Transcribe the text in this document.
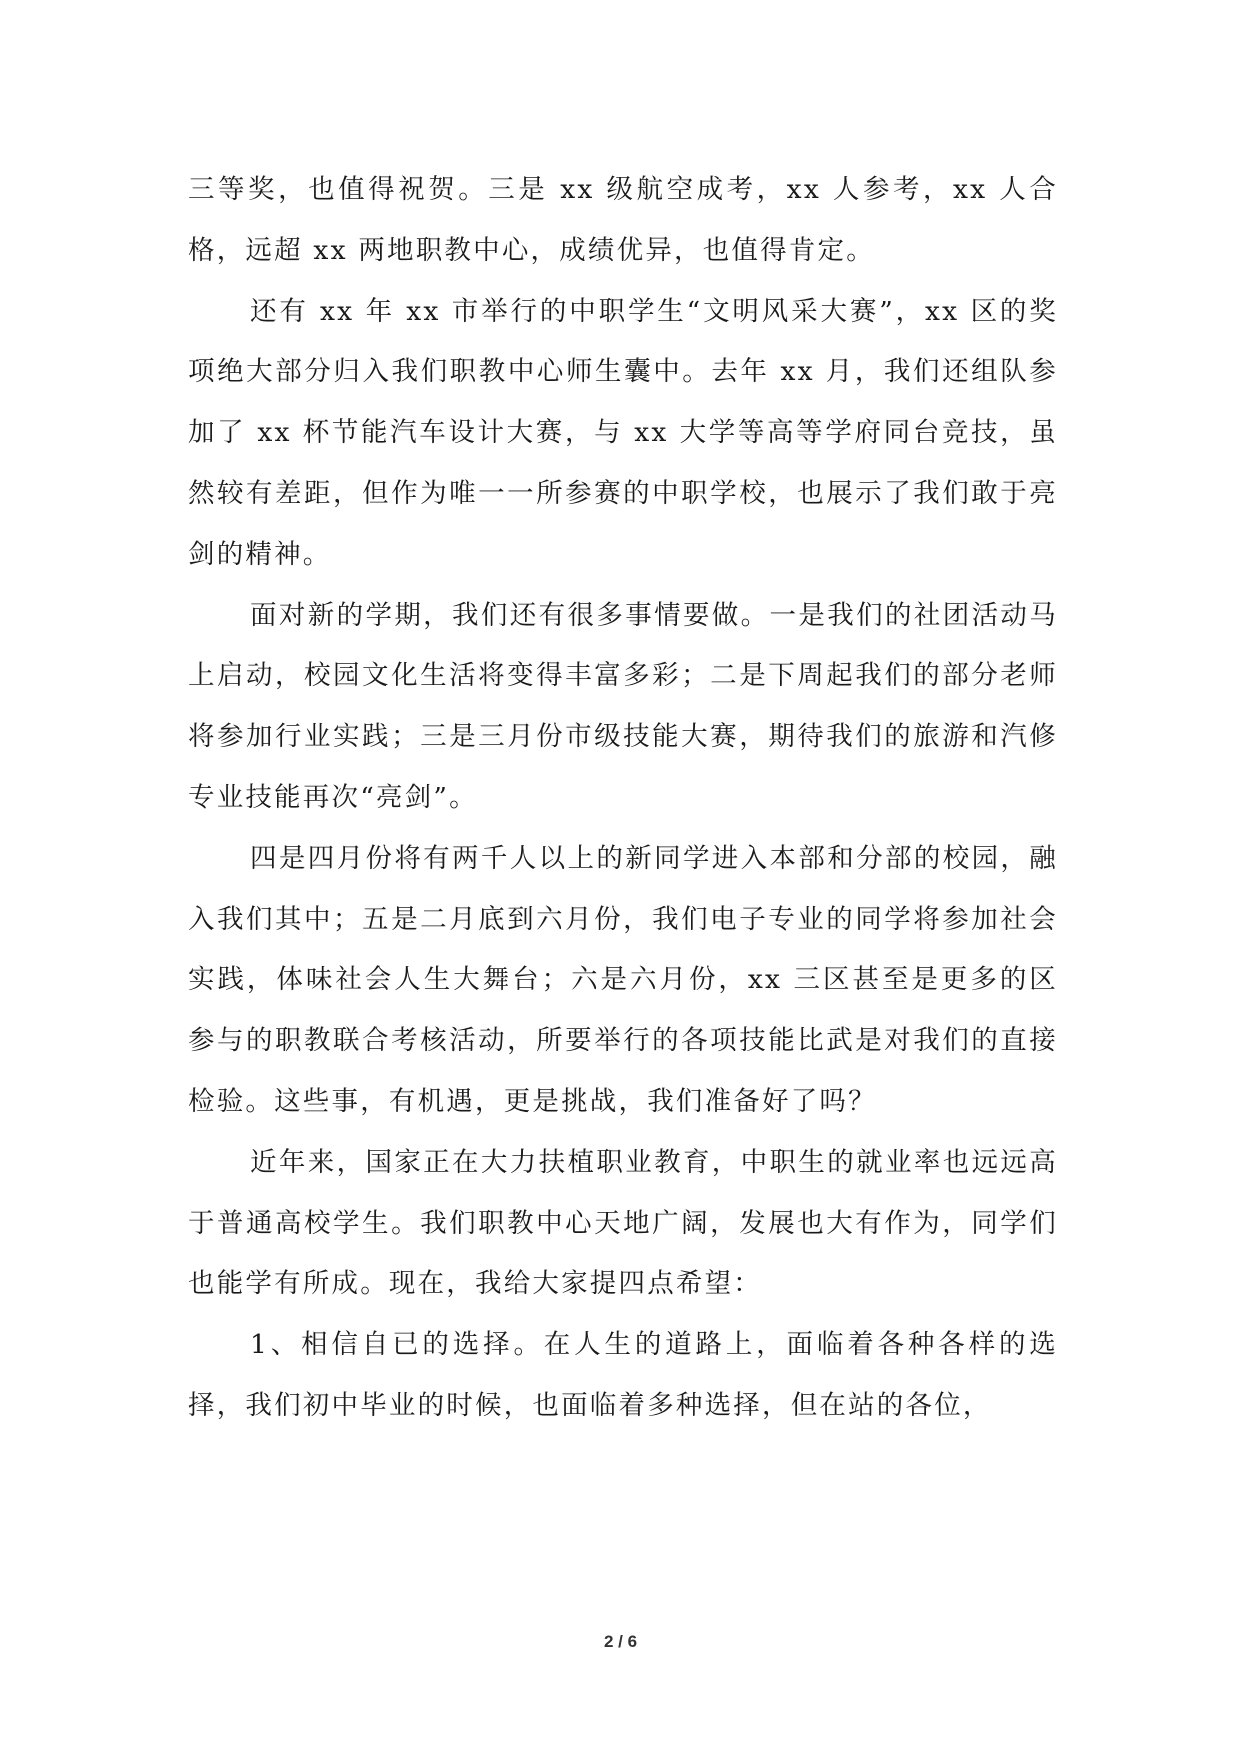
三等奖，也值得祝贺。三是 xx 级航空成考，xx 人参考，xx 人合格，远超 xx 两地职教中心，成绩优异，也值得肯定。

还有 xx 年 xx 市举行的中职学生“文明风采大赛”，xx 区的奖项绝大部分归入我们职教中心师生囊中。去年 xx 月，我们还组队参加了 xx 杯节能汽车设计大赛，与 xx 大学等高等学府同台竞技，虽然较有差距，但作为唯一一所参赛的中职学校，也展示了我们敢于亮剑的精神。

面对新的学期，我们还有很多事情要做。一是我们的社团活动马上启动，校园文化生活将变得丰富多彩；二是下周起我们的部分老师将参加行业实践；三是三月份市级技能大赛，期待我们的旅游和汽修专业技能再次“亮剑”。

四是四月份将有两千人以上的新同学进入本部和分部的校园，融入我们其中；五是二月底到六月份，我们电子专业的同学将参加社会实践，体味社会人生大舞台；六是六月份，xx 三区甚至是更多的区参与的职教联合考核活动，所要举行的各项技能比武是对我们的直接检验。这些事，有机遇，更是挑战，我们准备好了吗？

近年来，国家正在大力扶植职业教育，中职生的就业率也远远高于普通高校学生。我们职教中心天地广阔，发展也大有作为，同学们也能学有所成。现在，我给大家提四点希望：

1、相信自已的选择。在人生的道路上，面临着各种各样的选择，我们初中毕业的时候，也面临着多种选择，但在站的各位，

2 / 6
